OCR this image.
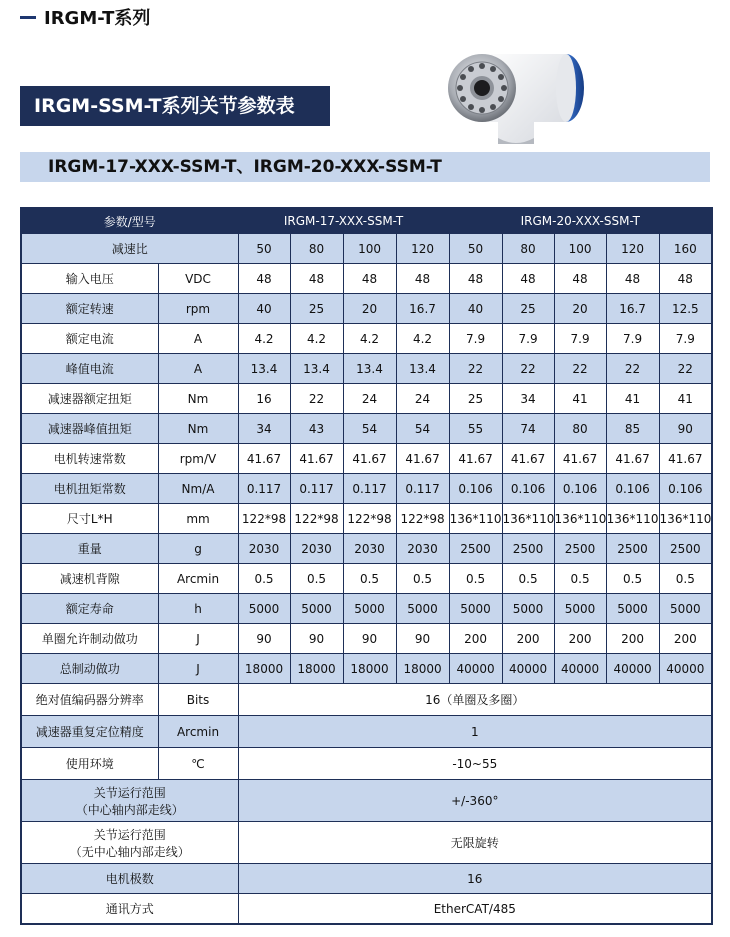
IRGM-T系列
IRGM-SSM-T系列关节参数表
IRGM-17-XXX-SSM-T、IRGM-20-XXX-SSM-T
参数/型号		IRGM-17-XXX-SSM-T				IRGM-20-XXX-SSM-T				
减速比		50	80	100	120	50	80	100	120	160
输入电压	VDC	48	48	48	48	48	48	48	48	48
额定转速	rpm	40	25	20	16.7	40	25	20	16.7	12.5
额定电流	A	4.2	4.2	4.2	4.2	7.9	7.9	7.9	7.9	7.9
峰值电流	A	13.4	13.4	13.4	13.4	22	22	22	22	22
减速器额定扭矩	Nm	16	22	24	24	25	34	41	41	41
减速器峰值扭矩	Nm	34	43	54	54	55	74	80	85	90
电机转速常数	rpm/V	41.67	41.67	41.67	41.67	41.67	41.67	41.67	41.67	41.67
电机扭矩常数	Nm/A	0.117	0.117	0.117	0.117	0.106	0.106	0.106	0.106	0.106
尺寸L*H	mm	122*98	122*98	122*98	122*98	136*110	136*110	136*110	136*110	136*110
重量	g	2030	2030	2030	2030	2500	2500	2500	2500	2500
减速机背隙	Arcmin	0.5	0.5	0.5	0.5	0.5	0.5	0.5	0.5	0.5
额定寿命	h	5000	5000	5000	5000	5000	5000	5000	5000	5000
单圈允许制动做功	J	90	90	90	90	200	200	200	200	200
总制动做功	J	18000	18000	18000	18000	40000	40000	40000	40000	40000
绝对值编码器分辨率	Bits	16（单圈及多圈）								
减速器重复定位精度	Arcmin	1								
使用环境	℃	-10~55								

关节运行范围
（中心轴内部走线）		+/-360°								

关节运行范围
（无中心轴内部走线）		无限旋转								
电机极数		16								
通讯方式		EtherCAT/485								
